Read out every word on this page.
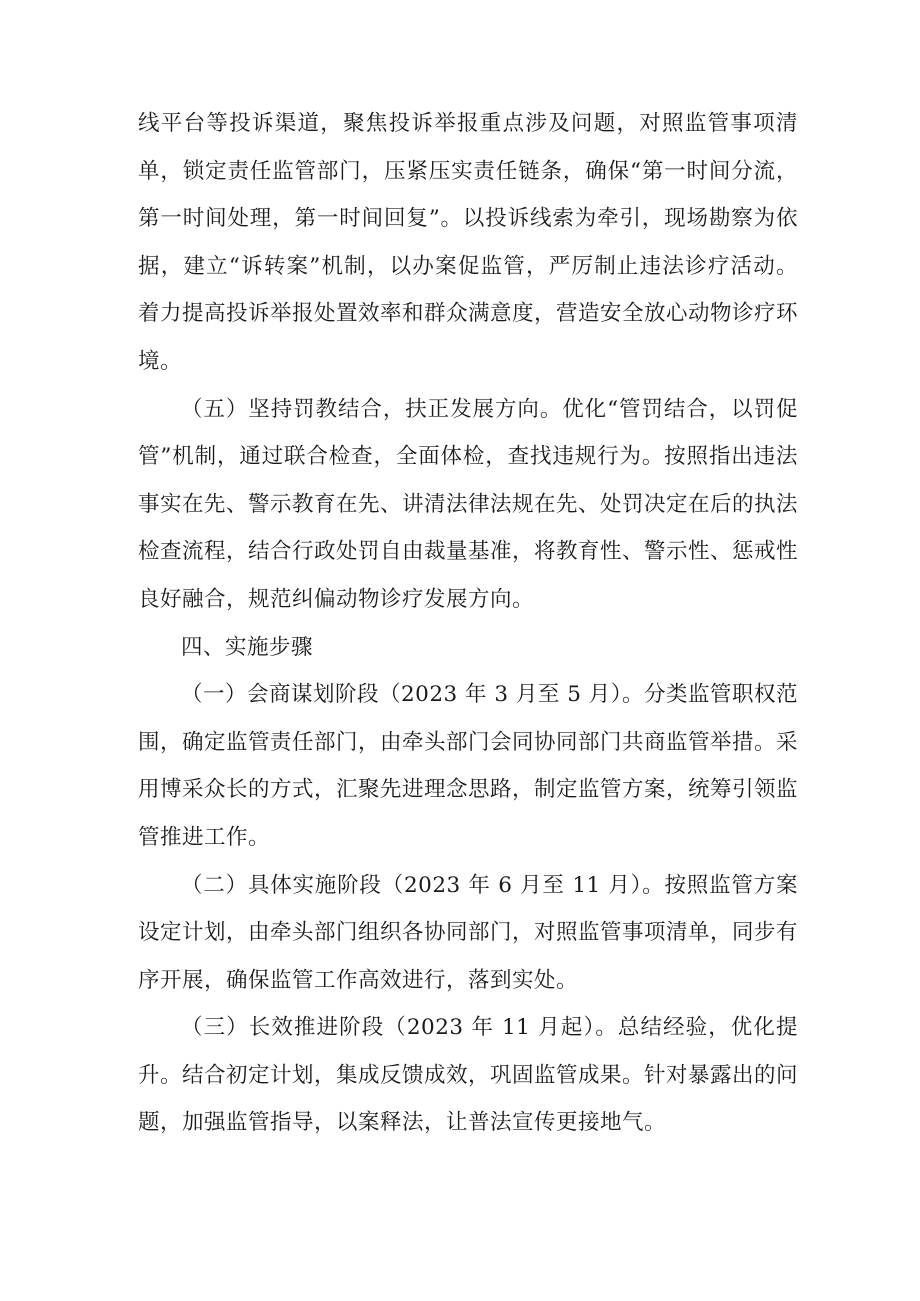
线平台等投诉渠道，聚焦投诉举报重点涉及问题，对照监管事项清单，锁定责任监管部门，压紧压实责任链条，确保“第一时间分流，第一时间处理，第一时间回复”。以投诉线索为牵引，现场勘察为依据，建立“诉转案”机制，以办案促监管，严厉制止违法诊疗活动。着力提高投诉举报处置效率和群众满意度，营造安全放心动物诊疗环境。

（五）坚持罚教结合，扶正发展方向。优化“管罚结合，以罚促管”机制，通过联合检查，全面体检，查找违规行为。按照指出违法事实在先、警示教育在先、讲清法律法规在先、处罚决定在后的执法检查流程，结合行政处罚自由裁量基准，将教育性、警示性、惩戒性良好融合，规范纠偏动物诊疗发展方向。

四、实施步骤

（一）会商谋划阶段（2023 年 3 月至 5 月）。分类监管职权范围，确定监管责任部门，由牵头部门会同协同部门共商监管举措。采用博采众长的方式，汇聚先进理念思路，制定监管方案，统筹引领监管推进工作。

（二）具体实施阶段（2023 年 6 月至 11 月）。按照监管方案设定计划，由牵头部门组织各协同部门，对照监管事项清单，同步有序开展，确保监管工作高效进行，落到实处。

（三）长效推进阶段（2023 年 11 月起）。总结经验，优化提升。结合初定计划，集成反馈成效，巩固监管成果。针对暴露出的问题，加强监管指导，以案释法，让普法宣传更接地气。
